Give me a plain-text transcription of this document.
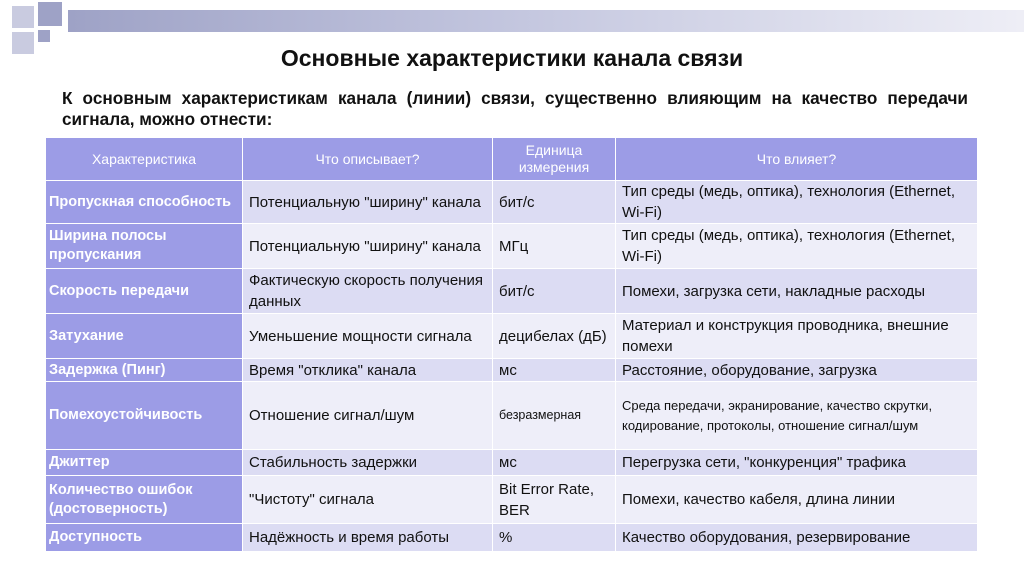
Основные характеристики канала связи
К основным характеристикам канала (линии) связи, существенно влияющим на качество передачи сигнала, можно отнести:
Характеристика	Что описывает?	Единица измерения	Что влияет?
Пропускная способность	Потенциальную "ширину" канала	бит/с	Тип среды (медь, оптика), технология (Ethernet, Wi-Fi)
Ширина полосы пропускания	Потенциальную "ширину" канала	МГц	Тип среды (медь, оптика), технология (Ethernet, Wi-Fi)
Скорость передачи	Фактическую скорость получения данных	бит/с	Помехи, загрузка сети, накладные расходы
Затухание	Уменьшение мощности сигнала	децибелах (дБ)	Материал и конструкция проводника, внешние помехи
Задержка (Пинг)	Время "отклика" канала	мс	Расстояние, оборудование, загрузка
Помехоустойчивость	Отношение сигнал/шум	безразмерная	Среда передачи, экранирование, качество скрутки, кодирование, протоколы, отношение сигнал/шум
Джиттер	Стабильность задержки	мс	Перегрузка сети, "конкуренция" трафика
Количество ошибок (достоверность)	"Чистоту" сигнала	Bit Error Rate, BER	Помехи, качество кабеля, длина линии
Доступность	Надёжность и время работы	%	Качество оборудования, резервирование
